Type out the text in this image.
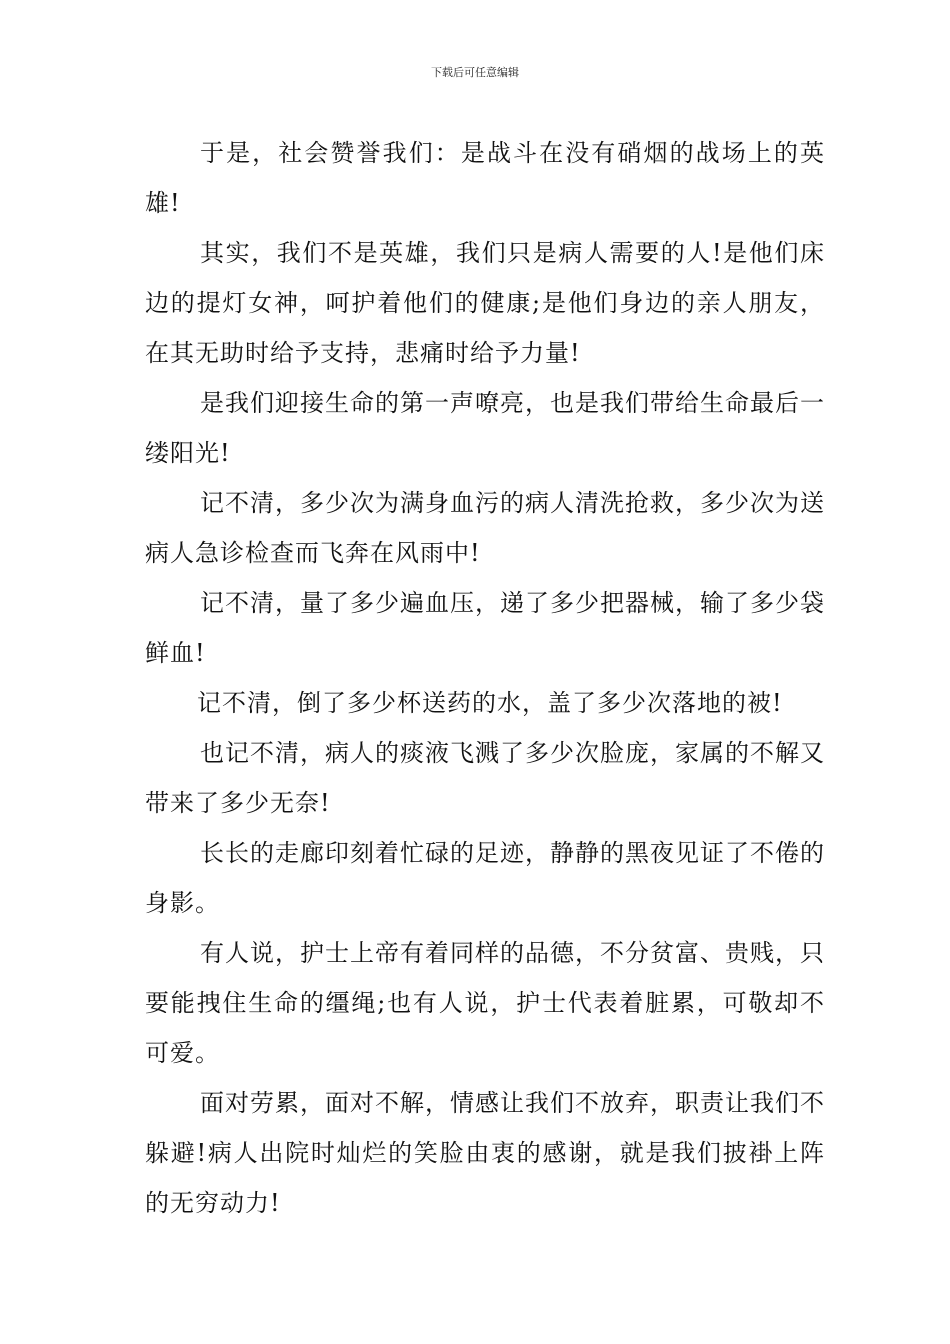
下载后可任意编辑

于是，社会赞誉我们：是战斗在没有硝烟的战场上的英雄!

其实，我们不是英雄，我们只是病人需要的人!是他们床边的提灯女神，呵护着他们的健康;是他们身边的亲人朋友，在其无助时给予支持，悲痛时给予力量!

是我们迎接生命的第一声嘹亮，也是我们带给生命最后一缕阳光!

记不清，多少次为满身血污的病人清洗抢救，多少次为送病人急诊检查而飞奔在风雨中!

记不清，量了多少遍血压，递了多少把器械，输了多少袋鲜血!

记不清，倒了多少杯送药的水，盖了多少次落地的被!

也记不清，病人的痰液飞溅了多少次脸庞，家属的不解又带来了多少无奈!

长长的走廊印刻着忙碌的足迹，静静的黑夜见证了不倦的身影。

有人说，护士上帝有着同样的品德，不分贫富、贵贱，只要能拽住生命的缰绳;也有人说，护士代表着脏累，可敬却不可爱。

面对劳累，面对不解，情感让我们不放弃，职责让我们不躲避!病人出院时灿烂的笑脸由衷的感谢，就是我们披褂上阵的无穷动力!
